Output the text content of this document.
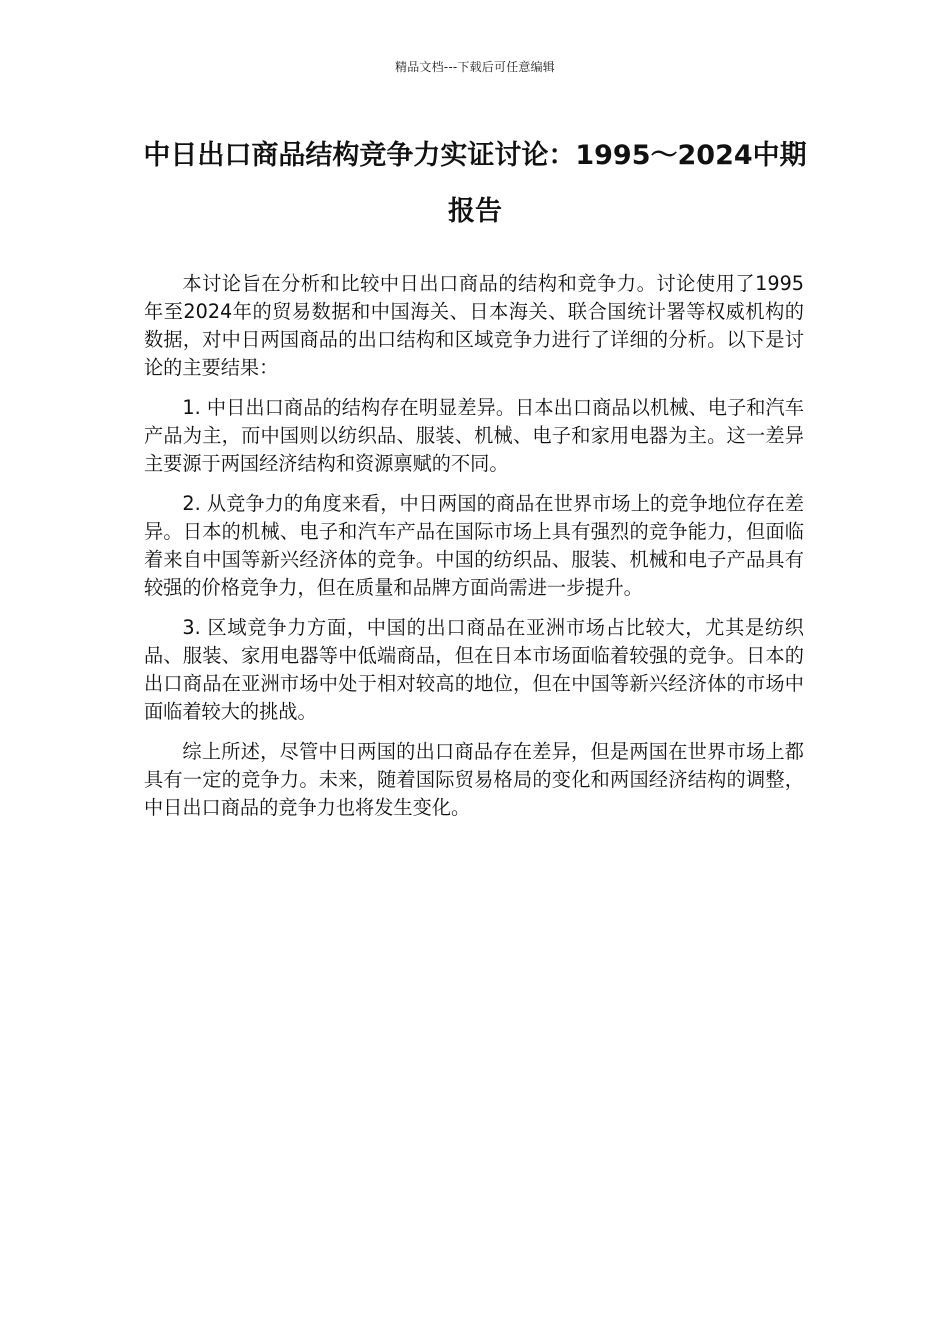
精品文档---下载后可任意编辑
中日出口商品结构竞争力实证讨论：1995～2024中期报告

本讨论旨在分析和比较中日出口商品的结构和竞争力。讨论使用了1995年至2024年的贸易数据和中国海关、日本海关、联合国统计署等权威机构的数据，对中日两国商品的出口结构和区域竞争力进行了详细的分析。以下是讨论的主要结果：

1. 中日出口商品的结构存在明显差异。日本出口商品以机械、电子和汽车产品为主，而中国则以纺织品、服装、机械、电子和家用电器为主。这一差异主要源于两国经济结构和资源禀赋的不同。

2. 从竞争力的角度来看，中日两国的商品在世界市场上的竞争地位存在差异。日本的机械、电子和汽车产品在国际市场上具有强烈的竞争能力，但面临着来自中国等新兴经济体的竞争。中国的纺织品、服装、机械和电子产品具有较强的价格竞争力，但在质量和品牌方面尚需进一步提升。

3. 区域竞争力方面，中国的出口商品在亚洲市场占比较大，尤其是纺织品、服装、家用电器等中低端商品，但在日本市场面临着较强的竞争。日本的出口商品在亚洲市场中处于相对较高的地位，但在中国等新兴经济体的市场中面临着较大的挑战。

综上所述，尽管中日两国的出口商品存在差异，但是两国在世界市场上都具有一定的竞争力。未来，随着国际贸易格局的变化和两国经济结构的调整，中日出口商品的竞争力也将发生变化。
